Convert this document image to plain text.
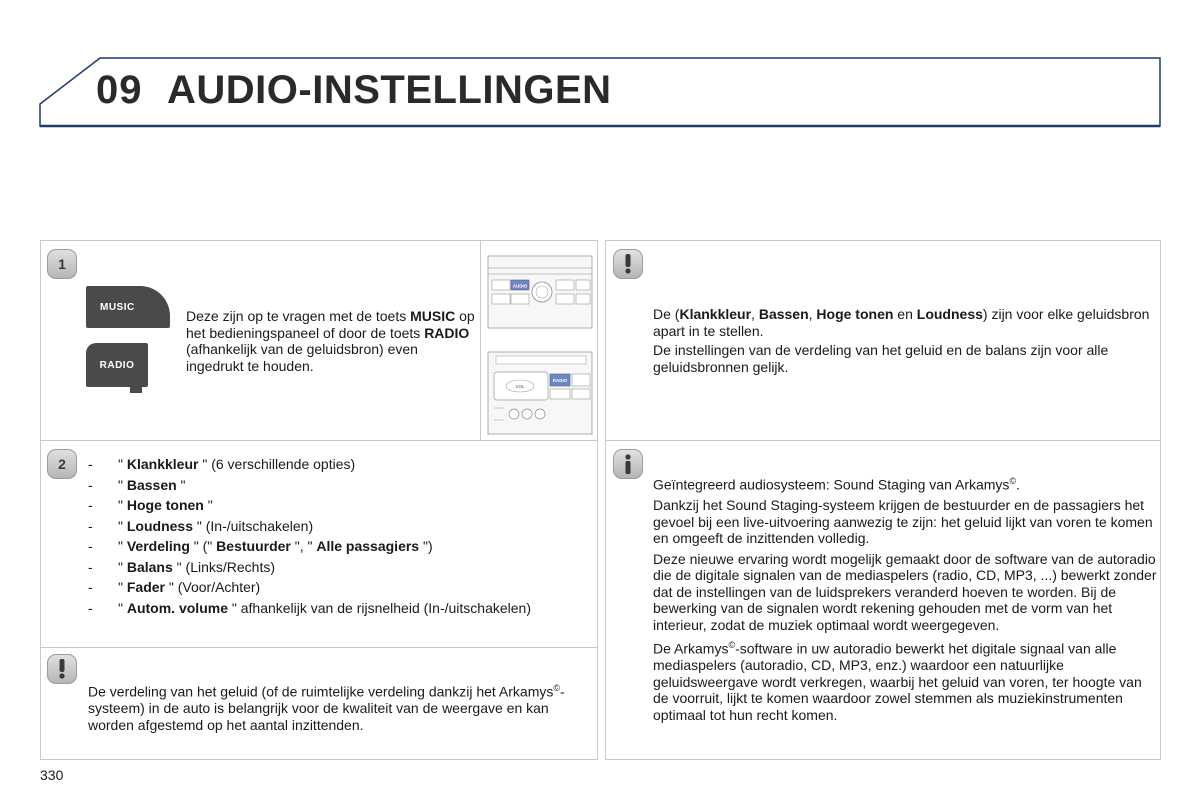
09 AUDIO-INSTELLINGEN
1
MUSIC
RADIO
Deze zijn op te vragen met de toets MUSIC op het bedieningspaneel of door de toets RADIO (afhankelijk van de geluidsbron) even ingedrukt te houden.
AUDIO
VOL
RADIO
2	- " Klankkleur " (6 verschillende opties)
- " Bassen "
- " Hoge tonen "
- " Loudness " (In-/uitschakelen)
- " Verdeling " (" Bestuurder ", " Alle passagiers ")
- " Balans " (Links/Rechts)
- " Fader " (Voor/Achter)
- " Autom. volume " afhankelijk van de rijsnelheid (In-/uitschakelen)
De verdeling van het geluid (of de ruimtelijke verdeling dankzij het Arkamys©-systeem) in de auto is belangrijk voor de kwaliteit van de weergave en kan worden afgestemd op het aantal inzittenden.

De (Klankkleur, Bassen, Hoge tonen en Loudness) zijn voor elke geluidsbron apart in te stellen.

De instellingen van de verdeling van het geluid en de balans zijn voor alle geluidsbronnen gelijk.

Geïntegreerd audiosysteem: Sound Staging van Arkamys©.

Dankzij het Sound Staging-systeem krijgen de bestuurder en de passagiers het gevoel bij een live-uitvoering aanwezig te zijn: het geluid lijkt van voren te komen en omgeeft de inzittenden volledig.

Deze nieuwe ervaring wordt mogelijk gemaakt door de software van de autoradio die de digitale signalen van de mediaspelers (radio, CD, MP3, ...) bewerkt zonder dat de instellingen van de luidsprekers veranderd hoeven te worden. Bij de bewerking van de signalen wordt rekening gehouden met de vorm van het interieur, zodat de muziek optimaal wordt weergegeven.

De Arkamys©-software in uw autoradio bewerkt het digitale signaal van alle mediaspelers (autoradio, CD, MP3, enz.) waardoor een natuurlijke geluidsweergave wordt verkregen, waarbij het geluid van voren, ter hoogte van de voorruit, lijkt te komen waardoor zowel stemmen als muziekinstrumenten optimaal tot hun recht komen.

330
